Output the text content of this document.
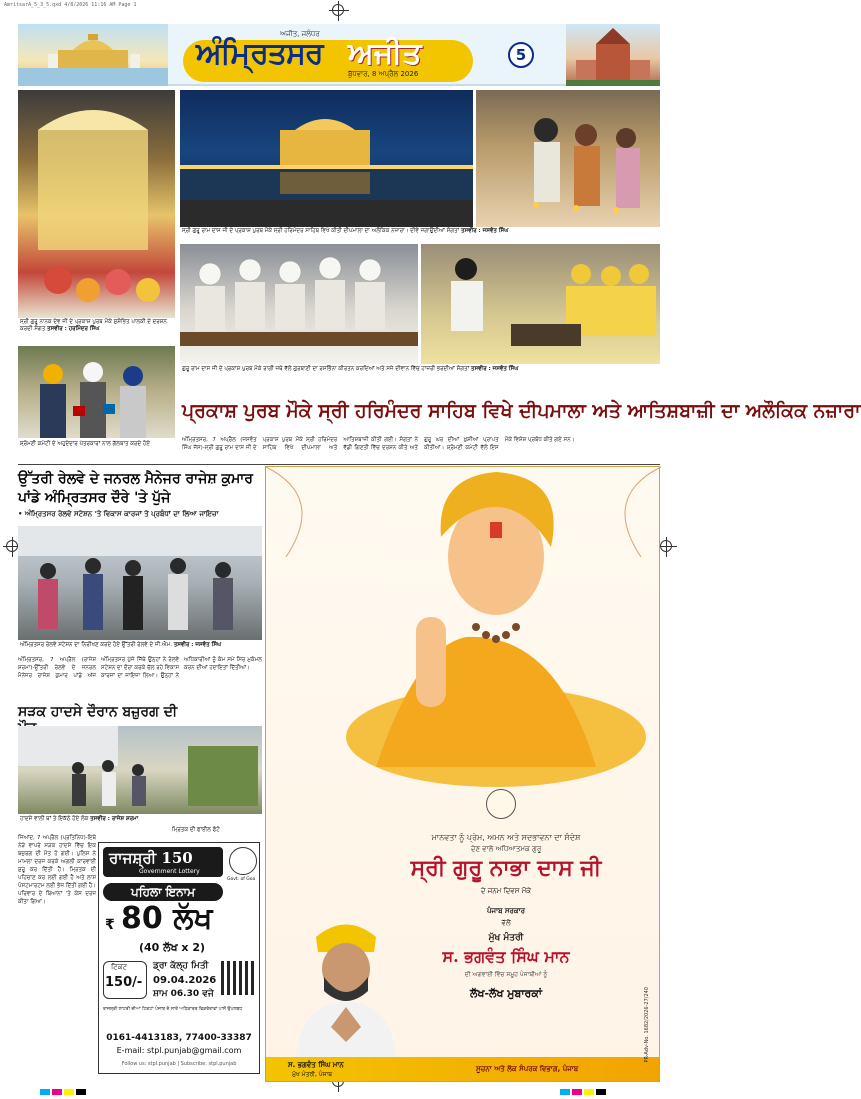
AmritsarA_5_3_5.qxd 4/8/2026 11:16 AM Page 1
ਅਜੀਤ, ਜਲੰਧਰ
ਅੰਮ੍ਰਿਤਸਰ ਅਜੀਤ
ਬੁੱਧਵਾਰ, 8 ਅਪ੍ਰੈਲ 2026
5
ਸ੍ਰੀ ਗੁਰੂ ਨਾਨਕ ਦੇਵ ਜੀ ਦੇ ਪ੍ਰਕਾਸ਼ ਪੁਰਬ ਮੌਕੇ ਸੁਸ਼ੋਭਿਤ ਪਾਲਕੀ ਦੇ ਦਰਸ਼ਨ ਕਰਦੀ ਸੰਗਤ ਤਸਵੀਰ : ਹਰਮਿੰਦਰ ਸਿੰਘ
ਸ੍ਰੀ ਗੁਰੂ ਰਾਮ ਦਾਸ ਜੀ ਦੇ ਪ੍ਰਕਾਸ਼ ਪੁਰਬ ਮੌਕੇ ਸ੍ਰੀ ਹਰਿਮੰਦਰ ਸਾਹਿਬ ਵਿਖੇ ਕੀਤੀ ਦੀਪਮਾਲਾ ਦਾ ਅਲੌਕਿਕ ਨਜ਼ਾਰਾ। ਦੀਵੇ ਜਗਾਉਂਦੀਆਂ ਸੰਗਤਾਂ ਤਸਵੀਰ : ਜਸਵੰਤ ਸਿੰਘ
ਗੁਰੂ ਰਾਮ ਦਾਸ ਜੀ ਦੇ ਪ੍ਰਕਾਸ਼ ਪੁਰਬ ਮੌਕੇ ਰਾਗੀ ਜਥੇ ਵੱਲੋਂ ਗੁਰਬਾਣੀ ਦਾ ਰਸਭਿੰਨਾ ਕੀਰਤਨ ਕਰਦਿਆਂ ਅਤੇ ਸਜੇ ਦੀਵਾਨ ਵਿੱਚ ਹਾਜ਼ਰੀ ਭਰਦੀਆਂ ਸੰਗਤਾਂ ਤਸਵੀਰ : ਜਸਵੰਤ ਸਿੰਘ
ਸ਼੍ਰੋਮਣੀ ਕਮੇਟੀ ਦੇ ਅਹੁਦੇਦਾਰ ਪੱਤਰਕਾਰਾਂ ਨਾਲ ਗੱਲਬਾਤ ਕਰਦੇ ਹੋਏ
ਪ੍ਰਕਾਸ਼ ਪੁਰਬ ਮੌਕੇ ਸ੍ਰੀ ਹਰਿਮੰਦਰ ਸਾਹਿਬ ਵਿਖੇ ਦੀਪਮਾਲਾ ਅਤੇ ਆਤਿਸ਼ਬਾਜ਼ੀ ਦਾ ਅਲੌਕਿਕ ਨਜ਼ਾਰਾ
ਅੰਮ੍ਰਿਤਸਰ, 7 ਅਪ੍ਰੈਲ (ਜਸਵੰਤ ਸਿੰਘ ਜੱਸ)-ਸ੍ਰੀ ਗੁਰੂ ਰਾਮ ਦਾਸ ਜੀ ਦੇ ਪ੍ਰਕਾਸ਼ ਪੁਰਬ ਮੌਕੇ ਸ੍ਰੀ ਹਰਿਮੰਦਰ ਸਾਹਿਬ ਵਿਖੇ ਦੀਪਮਾਲਾ ਅਤੇ ਆਤਿਸ਼ਬਾਜ਼ੀ ਕੀਤੀ ਗਈ। ਸੰਗਤਾਂ ਨੇ ਵੱਡੀ ਗਿਣਤੀ ਵਿੱਚ ਦਰਸ਼ਨ ਕੀਤੇ ਅਤੇ ਗੁਰੂ ਘਰ ਦੀਆਂ ਖ਼ੁਸ਼ੀਆਂ ਪ੍ਰਾਪਤ ਕੀਤੀਆਂ। ਸ਼੍ਰੋਮਣੀ ਕਮੇਟੀ ਵੱਲੋਂ ਇਸ ਮੌਕੇ ਵਿਸ਼ੇਸ਼ ਪ੍ਰਬੰਧ ਕੀਤੇ ਗਏ ਸਨ।
ਉੱਤਰੀ ਰੇਲਵੇ ਦੇ ਜਨਰਲ ਮੈਨੇਜਰ ਰਾਜੇਸ਼ ਕੁਮਾਰ ਪਾਂਡੇ ਅੰਮ੍ਰਿਤਸਰ ਦੌਰੇ 'ਤੇ ਪੁੱਜੇ
• ਅੰਮ੍ਰਿਤਸਰ ਰੇਲਵੇ ਸਟੇਸ਼ਨ 'ਤੇ ਵਿਕਾਸ ਕਾਰਜਾਂ ਤੇ ਪ੍ਰਬੰਧਾਂ ਦਾ ਲਿਆ ਜਾਇਜ਼ਾ
ਅੰਮ੍ਰਿਤਸਰ ਰੇਲਵੇ ਸਟੇਸ਼ਨ ਦਾ ਨਿਰੀਖਣ ਕਰਦੇ ਹੋਏ ਉੱਤਰੀ ਰੇਲਵੇ ਦੇ ਜੀ.ਐਮ. ਤਸਵੀਰ : ਜਸਵੰਤ ਸਿੰਘ
ਅੰਮ੍ਰਿਤਸਰ, 7 ਅਪ੍ਰੈਲ (ਰਾਜੇਸ਼ ਸ਼ਰਮਾ)-ਉੱਤਰੀ ਰੇਲਵੇ ਦੇ ਜਨਰਲ ਮੈਨੇਜਰ ਰਾਜੇਸ਼ ਕੁਮਾਰ ਪਾਂਡੇ ਅੱਜ ਅੰਮ੍ਰਿਤਸਰ ਪੁੱਜੇ ਜਿੱਥੇ ਉਨ੍ਹਾਂ ਨੇ ਰੇਲਵੇ ਸਟੇਸ਼ਨ ਦਾ ਦੌਰਾ ਕਰਕੇ ਚੱਲ ਰਹੇ ਵਿਕਾਸ ਕਾਰਜਾਂ ਦਾ ਜਾਇਜ਼ਾ ਲਿਆ। ਉਨ੍ਹਾਂ ਨੇ ਅਧਿਕਾਰੀਆਂ ਨੂੰ ਕੰਮ ਸਮੇਂ ਸਿਰ ਮੁਕੰਮਲ ਕਰਨ ਦੀਆਂ ਹਦਾਇਤਾਂ ਦਿੱਤੀਆਂ।
ਸੜਕ ਹਾਦਸੇ ਦੌਰਾਨ ਬਜ਼ੁਰਗ ਦੀ
ਹਾਦਸੇ ਵਾਲੀ ਥਾਂ ਤੇ ਇਕੱਠੇ ਹੋਏ ਲੋਕ ਤਸਵੀਰ : ਰਾਜੇਸ਼ ਸ਼ਰਮਾ
ਮ੍ਰਿਤਕ ਦੀ ਫਾਈਲ ਫੋਟੋ
ਜਿਆਂਦ, 7 ਅਪ੍ਰੈਲ (ਪ੍ਰਤਿਨਿਧ)-ਇਥੇ ਨੇੜੇ ਵਾਪਰੇ ਸੜਕ ਹਾਦਸੇ ਵਿੱਚ ਇਕ ਬਜ਼ੁਰਗ ਦੀ ਮੌਤ ਹੋ ਗਈ। ਪੁਲਿਸ ਨੇ ਮਾਮਲਾ ਦਰਜ ਕਰਕੇ ਅਗਲੀ ਕਾਰਵਾਈ ਸ਼ੁਰੂ ਕਰ ਦਿੱਤੀ ਹੈ। ਮ੍ਰਿਤਕ ਦੀ ਪਹਿਚਾਣ ਕਰ ਲਈ ਗਈ ਹੈ ਅਤੇ ਲਾਸ਼ ਪੋਸਟਮਾਰਟਮ ਲਈ ਭੇਜ ਦਿੱਤੀ ਗਈ ਹੈ। ਪਰਿਵਾਰ ਦੇ ਬਿਆਨਾਂ 'ਤੇ ਕੇਸ ਦਰਜ ਕੀਤਾ ਗਿਆ।
ਰਾਜਸ਼੍ਰੀ 150
Government Lottery
Govt. of Goa
ਪਹਿਲਾ ਇਨਾਮ
₹ 80 ਲੱਖ
(40 ਲੱਖ x 2)
ਟਿਕਟ
150/-
ਡ੍ਰਾ ਕੱਲ੍ਹ ਮਿਤੀ
09.04.2026
ਸ਼ਾਮ 06.30 ਵਜੇ
ਰਾਜਸ਼੍ਰੀ ਲਾਟਰੀ ਦੀਆਂ ਟਿਕਟਾਂ ਪੰਜਾਬ ਦੇ ਸਾਰੇ ਅਧਿਕਾਰਤ ਵਿਕਰੇਤਾਵਾਂ ਪਾਸੋਂ ਉਪਲਬਧ
0161-4413183, 77400-33387
E-mail: stpl.punjab@gmail.com
Follow us: stpl.punjab | Subscribe: stpl.punjab
ਮਾਨਵਤਾ ਨੂੰ ਪ੍ਰੇਮ, ਅਮਨ ਅਤੇ ਸਦਭਾਵਨਾ ਦਾ ਸੰਦੇਸ਼
ਦੇਣ ਵਾਲੇ ਅਧਿਆਤਮਕ ਗੁਰੂ
ਸ੍ਰੀ ਗੁਰੂ ਨਾਭਾ ਦਾਸ ਜੀ
ਦੇ ਜਨਮ ਦਿਵਸ ਮੌਕੇ
ਪੰਜਾਬ ਸਰਕਾਰ
ਵੱਲੋਂ
ਮੁੱਖ ਮੰਤਰੀ
ਸ. ਭਗਵੰਤ ਸਿੰਘ ਮਾਨ
ਦੀ ਅਗਵਾਈ ਵਿੱਚ ਸਮੂਹ ਪੰਜਾਬੀਆਂ ਨੂੰ
ਲੱਖ-ਲੱਖ ਮੁਬਾਰਕਾਂ
ਸ. ਭਗਵੰਤ ਸਿੰਘ ਮਾਨ
ਮੁੱਖ ਮੰਤਰੀ, ਪੰਜਾਬ
ਸੂਚਨਾ ਅਤੇ ਲੋਕ ਸੰਪਰਕ ਵਿਭਾਗ, ਪੰਜਾਬ
PR-Adv-No. 1682/2026-27/240
